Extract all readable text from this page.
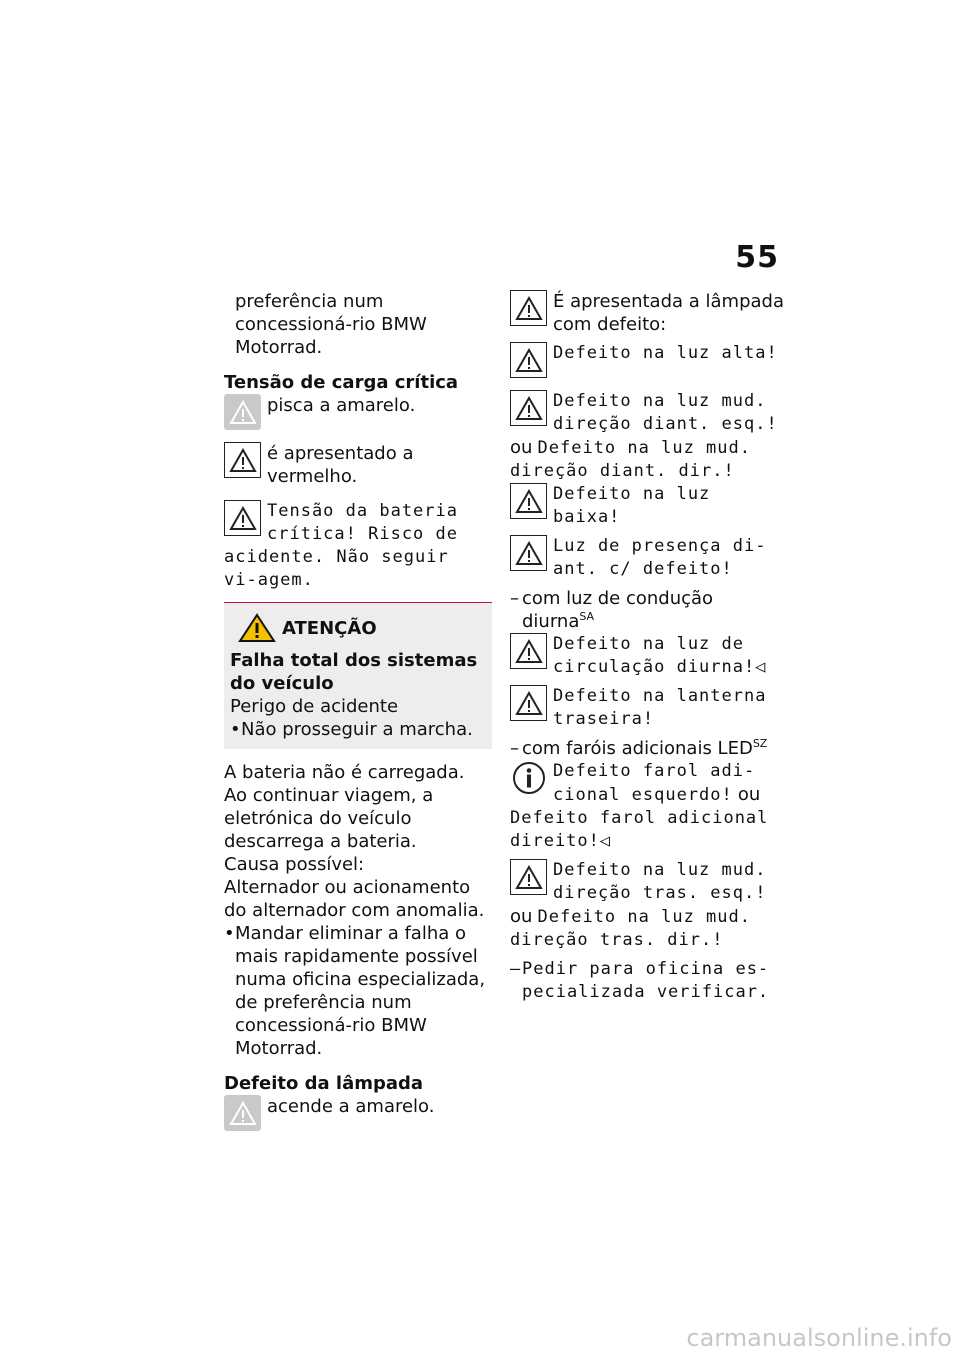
55
preferência num concessioná-rio BMW Motorrad.
Tensão de carga crítica
pisca a amarelo.
é apresentado a vermelho.
Tensão da bateria crítica! Risco de
acidente. Não seguir vi-agem.
ATENÇÃO
Falha total dos sistemas do veículo
Perigo de acidente
• Não prosseguir a marcha.
A bateria não é carregada. Ao continuar viagem, a eletrónica do veículo descarrega a bateria.
Causa possível:
Alternador ou acionamento do alternador com anomalia.
• Mandar eliminar a falha o mais rapidamente possível numa oficina especializada, de preferência num concessioná-rio BMW Motorrad.
Defeito da lâmpada
acende a amarelo.
É apresentada a lâmpada com defeito:
Defeito na luz alta!
Defeito na luz mud. direção diant. esq.!
ou Defeito na luz mud. direção diant. dir.!
Defeito na luz baixa!
Luz de presença di-ant. c/ defeito!
– com luz de condução diurna$^{SA}$
Defeito na luz de circulação diurna!◁
Defeito na lanterna traseira!
– com faróis adicionais $LED^{SZ}$
Defeito farol adi-cional esquerdo! ou
Defeito farol adicional direito!◁
Defeito na luz mud. direção tras. esq.!
ou Defeito na luz mud. direção tras. dir.!
– Pedir para oficina es-pecializada verificar.
carmanualsonline.info
